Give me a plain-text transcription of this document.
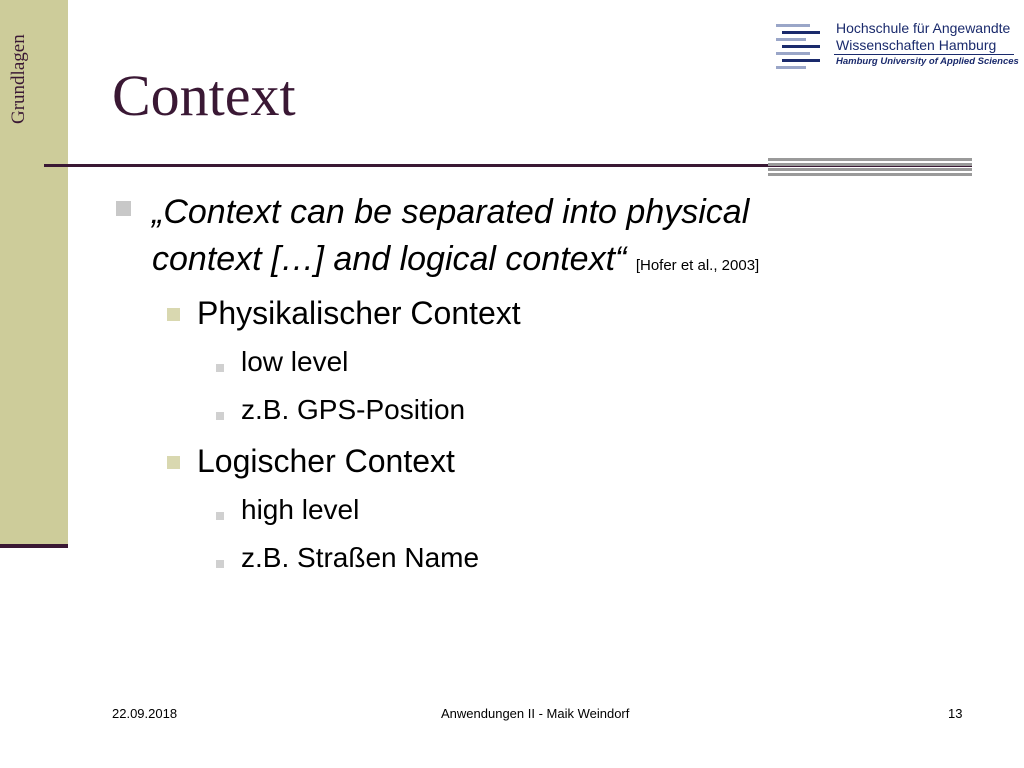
Grundlagen
Hochschule für Angewandte
Wissenschaften Hamburg
Hamburg University of Applied Sciences
Context
„Context can be separated into physical
context […] and logical context“ [Hofer et al., 2003]
Physikalischer Context
low level
z.B. GPS-Position
Logischer Context
high level
z.B. Straßen Name
22.09.2018	Anwendungen II - Maik Weindorf	13
